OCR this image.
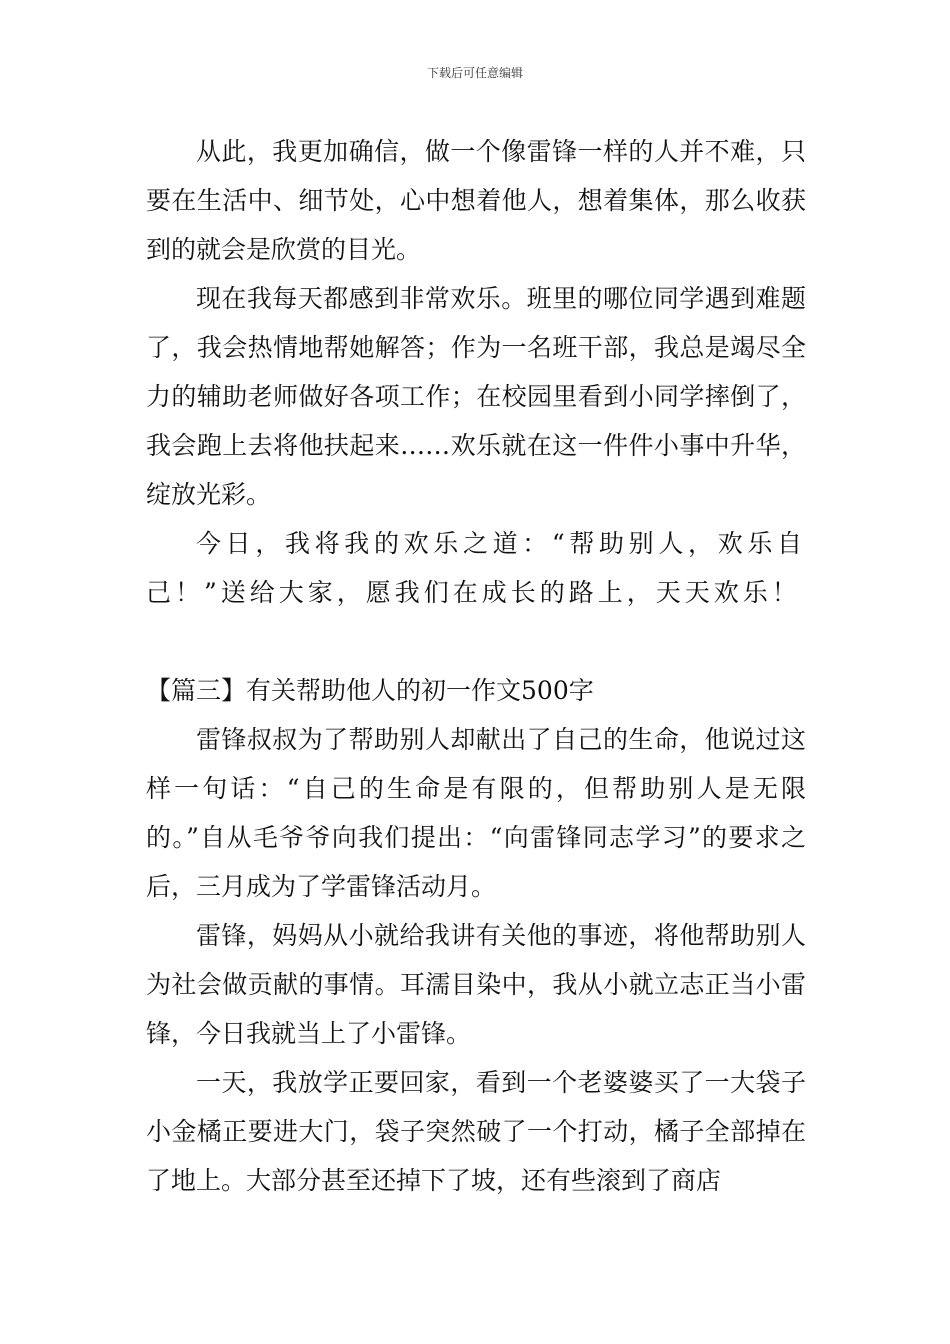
下载后可任意编辑

从此，我更加确信，做一个像雷锋一样的人并不难，只要在生活中、细节处，心中想着他人，想着集体，那么收获到的就会是欣赏的目光。

现在我每天都感到非常欢乐。班里的哪位同学遇到难题了，我会热情地帮她解答；作为一名班干部，我总是竭尽全力的辅助老师做好各项工作；在校园里看到小同学摔倒了，我会跑上去将他扶起来……欢乐就在这一件件小事中升华，绽放光彩。

今日，我将我的欢乐之道：“帮助别人，欢乐自己！”送给大家，愿我们在成长的路上，天天欢乐！

【篇三】有关帮助他人的初一作文500字

雷锋叔叔为了帮助别人却献出了自己的生命，他说过这样一句话：“自己的生命是有限的，但帮助别人是无限的。”自从毛爷爷向我们提出：“向雷锋同志学习”的要求之后，三月成为了学雷锋活动月。

雷锋，妈妈从小就给我讲有关他的事迹，将他帮助别人为社会做贡献的事情。耳濡目染中，我从小就立志正当小雷锋，今日我就当上了小雷锋。

一天，我放学正要回家，看到一个老婆婆买了一大袋子小金橘正要进大门，袋子突然破了一个打动，橘子全部掉在了地上。大部分甚至还掉下了坡，还有些滚到了商店
